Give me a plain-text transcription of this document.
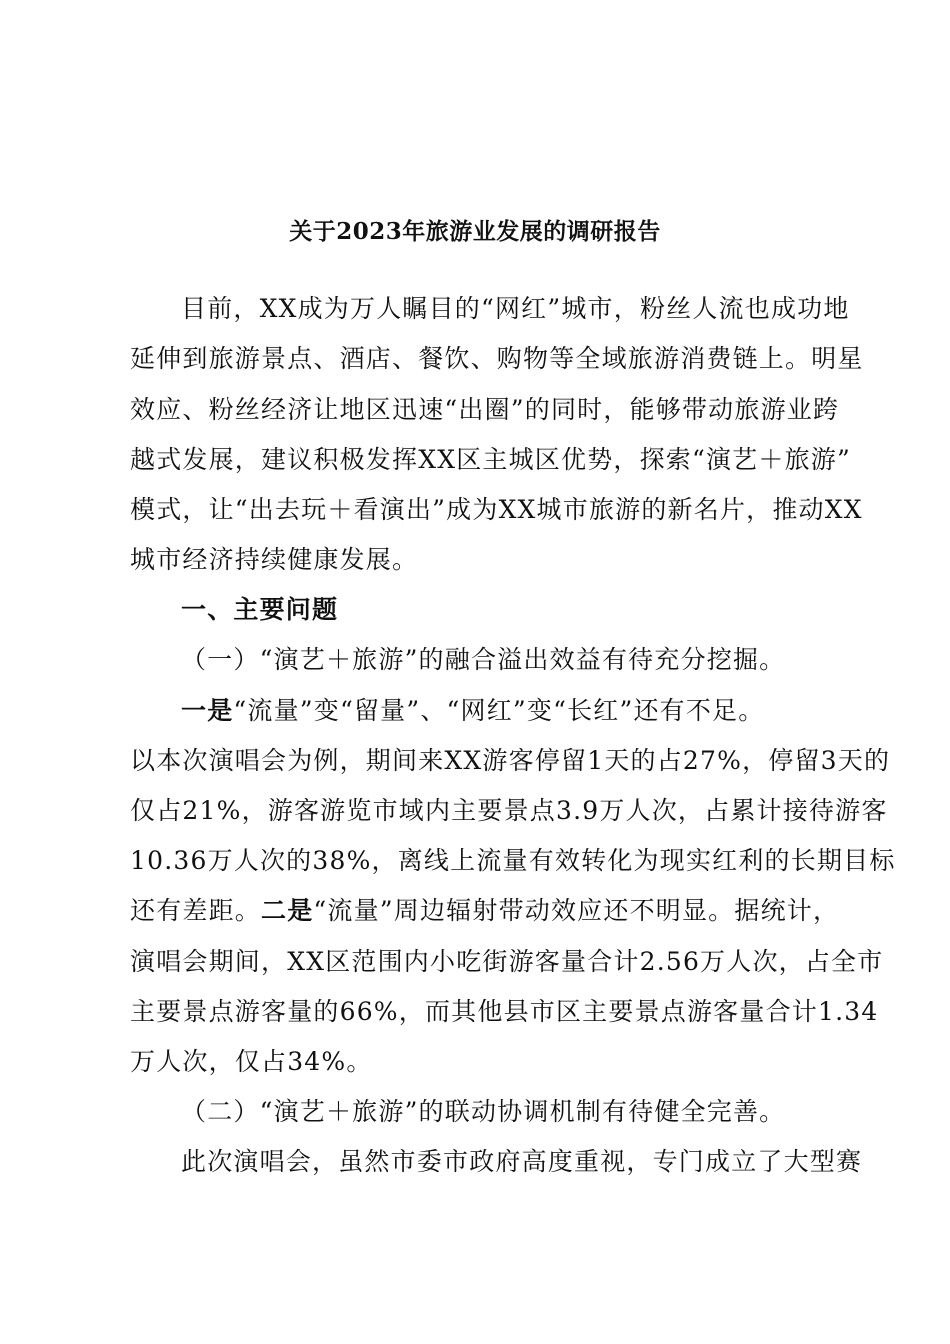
关于2023年旅游业发展的调研报告
目前，XX成为万人瞩目的“网红”城市，粉丝人流也成功地
延伸到旅游景点、酒店、餐饮、购物等全域旅游消费链上。明星
效应、粉丝经济让地区迅速“出圈”的同时，能够带动旅游业跨
越式发展，建议积极发挥XX区主城区优势，探索“演艺＋旅游”
模式，让“出去玩＋看演出”成为XX城市旅游的新名片，推动XX
城市经济持续健康发展。
一、主要问题
（一）“演艺＋旅游”的融合溢出效益有待充分挖掘。
一是“流量”变“留量”、“网红”变“长红”还有不足。
以本次演唱会为例，期间来XX游客停留1天的占27%，停留3天的
仅占21%，游客游览市域内主要景点3.9万人次，占累计接待游客
10.36万人次的38%，离线上流量有效转化为现实红利的长期目标
还有差距。二是“流量”周边辐射带动效应还不明显。据统计，
演唱会期间，XX区范围内小吃街游客量合计2.56万人次，占全市
主要景点游客量的66%，而其他县市区主要景点游客量合计1.34
万人次，仅占34%。
（二）“演艺＋旅游”的联动协调机制有待健全完善。
此次演唱会，虽然市委市政府高度重视，专门成立了大型赛
